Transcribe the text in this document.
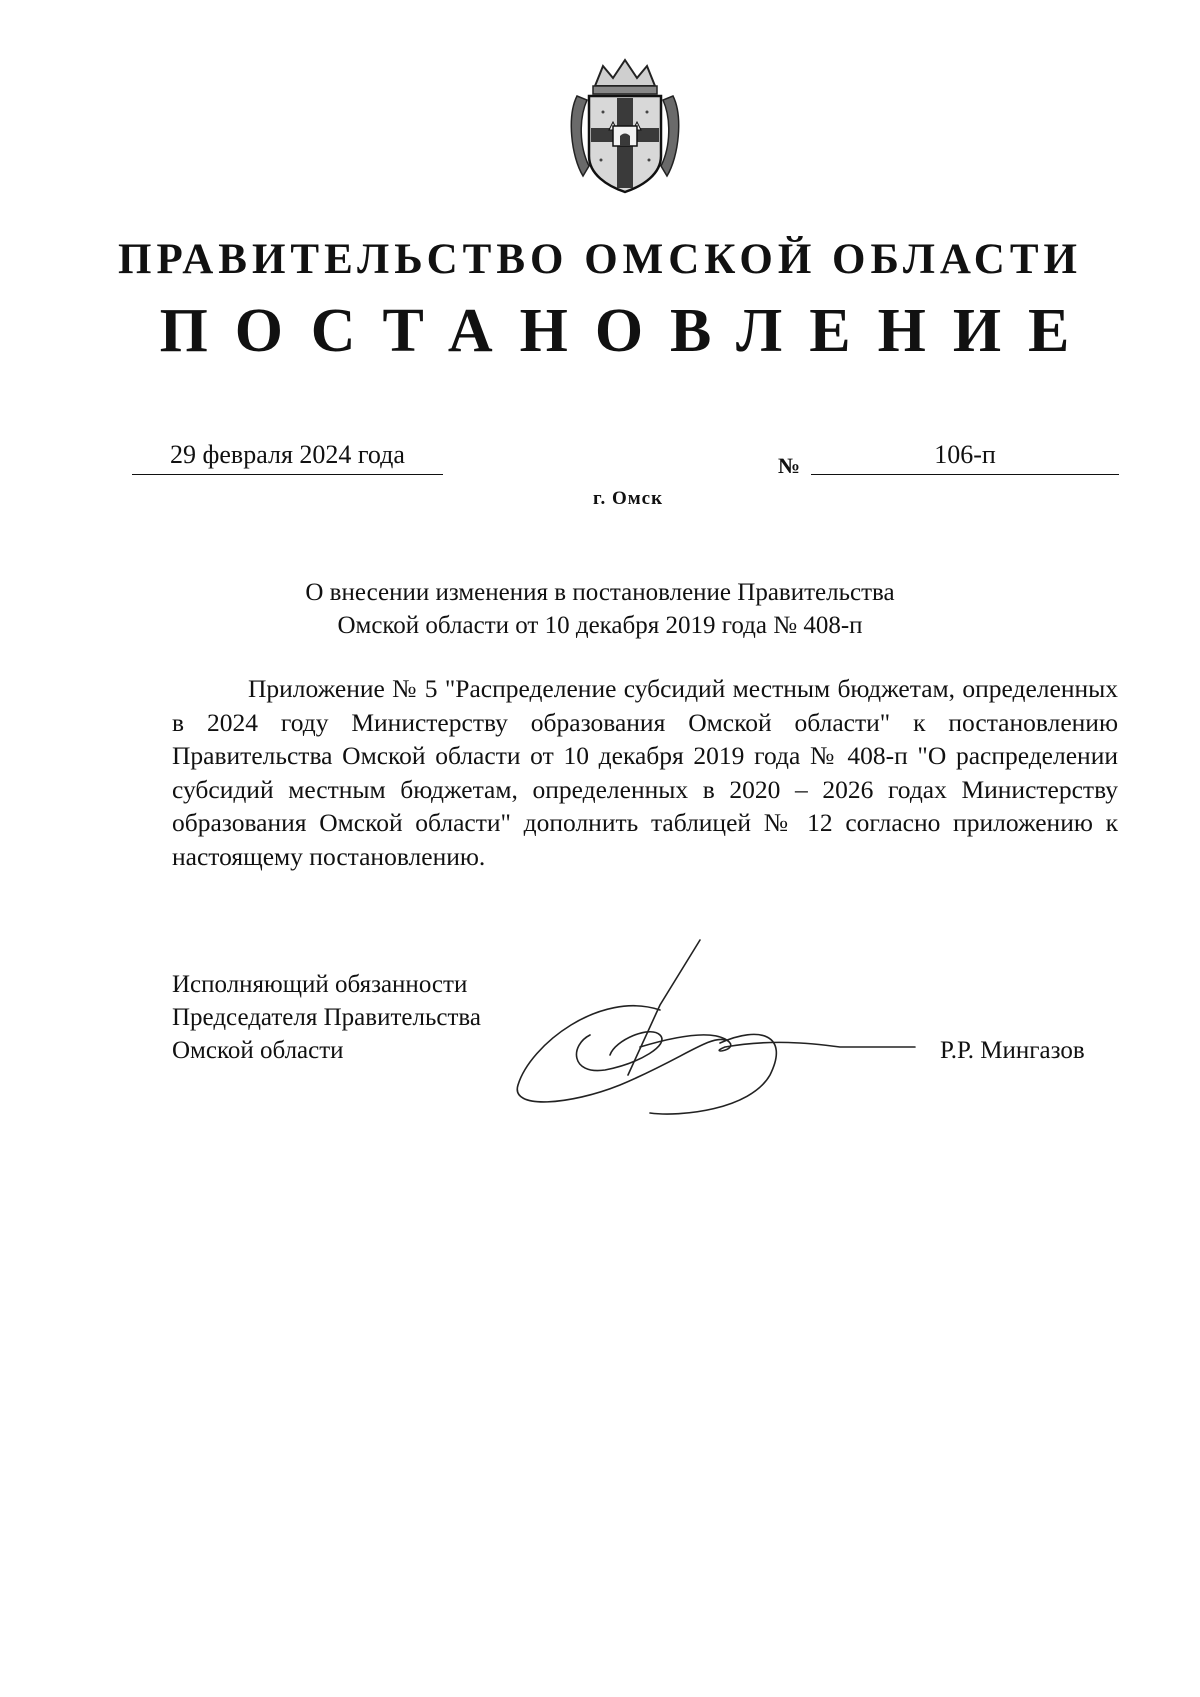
ПРАВИТЕЛЬСТВО ОМСКОЙ ОБЛАСТИ
ПОСТАНОВЛЕНИЕ
29 февраля 2024 года	№	106-п
г. Омск
О внесении изменения в постановление Правительства
Омской области от 10 декабря 2019 года № 408-п

Приложение № 5 "Распределение субсидий местным бюджетам, определенных в 2024 году Министерству образования Омской области" к постановлению Правительства Омской области от 10 декабря 2019 года № 408-п "О распределении субсидий местным бюджетам, определенных в 2020 – 2026 годах Министерству образования Омской области" дополнить таблицей № 12 согласно приложению к настоящему постановлению.

Исполняющий обязанности
Председателя Правительства
Омской области	Р.Р. Мингазов
